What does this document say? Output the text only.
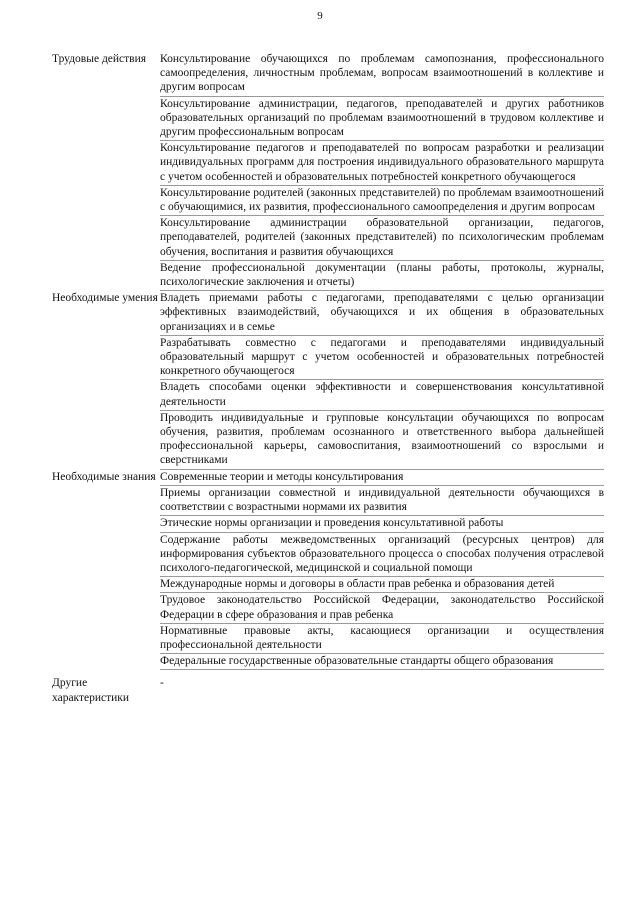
9
Трудовые действия	Консультирование обучающихся по проблемам самопознания, профессионального самоопределения, личностным проблемам, вопросам взаимоотношений в коллективе и другим вопросам
Консультирование администрации, педагогов, преподавателей и других работников образовательных организаций по проблемам взаимоотношений в трудовом коллективе и другим профессиональным вопросам
Консультирование педагогов и преподавателей по вопросам разработки и реализации индивидуальных программ для построения индивидуального образовательного маршрута с учетом особенностей и образовательных потребностей конкретного обучающегося
Консультирование родителей (законных представителей) по проблемам взаимоотношений с обучающимися, их развития, профессионального самоопределения и другим вопросам
Консультирование администрации образовательной организации, педагогов, преподавателей, родителей (законных представителей) по психологическим проблемам обучения, воспитания и развития обучающихся
Ведение профессиональной документации (планы работы, протоколы, журналы, психологические заключения и отчеты)
Необходимые умения Владеть приемами работы с педагогами, преподавателями с целью организации эффективных взаимодействий, обучающихся и их общения в образовательных организациях и в семье
Разрабатывать совместно с педагогами и преподавателями индивидуальный образовательный маршрут с учетом особенностей и образовательных потребностей конкретного обучающегося
Владеть способами оценки эффективности и совершенствования консультативной деятельности
Проводить индивидуальные и групповые консультации обучающихся по вопросам обучения, развития, проблемам осознанного и ответственного выбора дальнейшей профессиональной карьеры, самовоспитания, взаимоотношений со взрослыми и сверстниками
Необходимые знания Современные теории и методы консультирования
Приемы организации совместной и индивидуальной деятельности обучающихся в соответствии с возрастными нормами их развития
Этические нормы организации и проведения консультативной работы
Содержание работы межведомственных организаций (ресурсных центров) для информирования субъектов образовательного процесса о способах получения отраслевой психолого-педагогической, медицинской и социальной помощи
Международные нормы и договоры в области прав ребенка и образования детей
Трудовое законодательство Российской Федерации, законодательство Российской Федерации в сфере образования и прав ребенка
Нормативные правовые акты, касающиеся организации и осуществления профессиональной деятельности
Федеральные государственные образовательные стандарты общего образования
Другие характеристики
-
